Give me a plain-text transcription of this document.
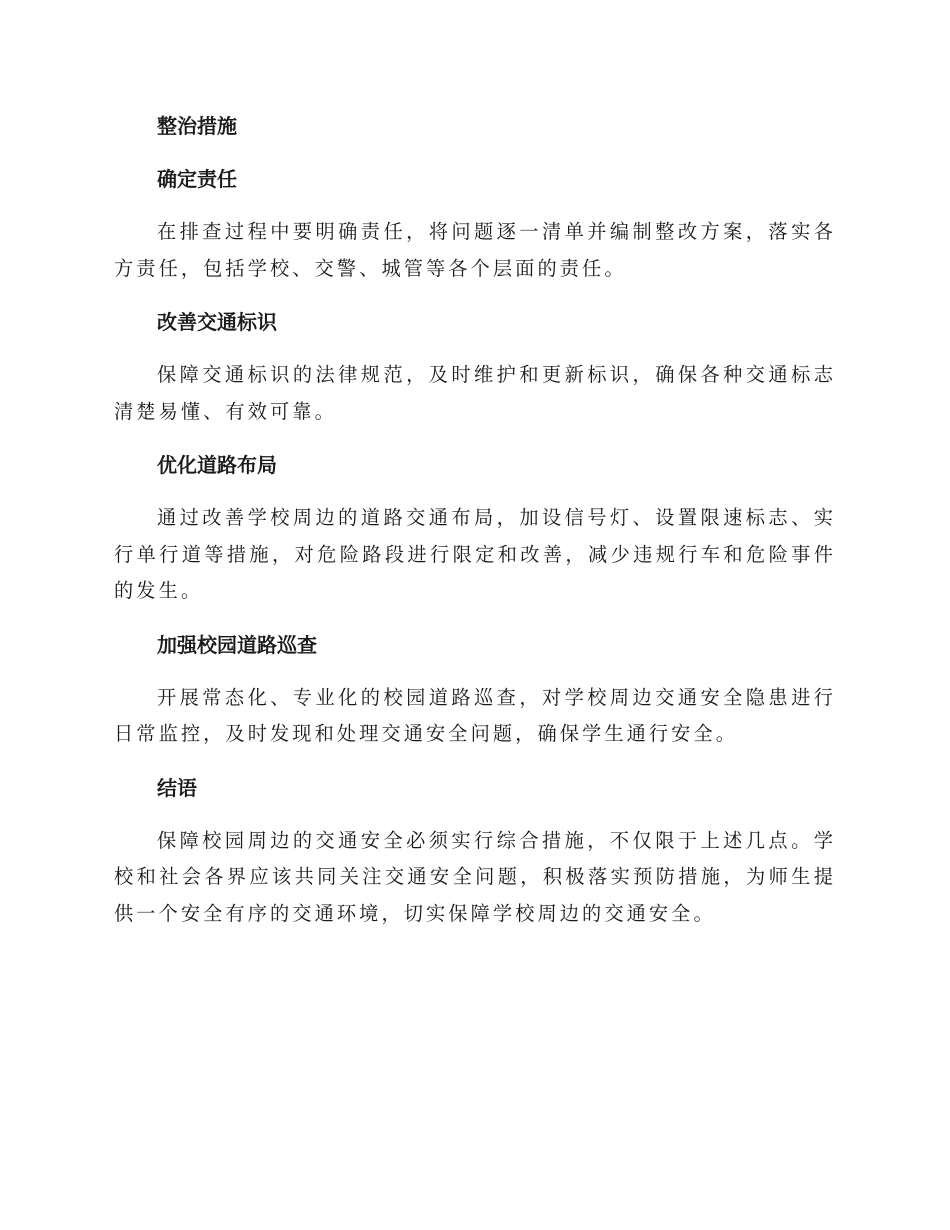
整治措施
确定责任

在排查过程中要明确责任，将问题逐一清单并编制整改方案，落实各方责任，包括学校、交警、城管等各个层面的责任。

改善交通标识

保障交通标识的法律规范，及时维护和更新标识，确保各种交通标志清楚易懂、有效可靠。

优化道路布局

通过改善学校周边的道路交通布局，加设信号灯、设置限速标志、实行单行道等措施，对危险路段进行限定和改善，减少违规行车和危险事件的发生。

加强校园道路巡查

开展常态化、专业化的校园道路巡查，对学校周边交通安全隐患进行日常监控，及时发现和处理交通安全问题，确保学生通行安全。

结语

保障校园周边的交通安全必须实行综合措施，不仅限于上述几点。学校和社会各界应该共同关注交通安全问题，积极落实预防措施，为师生提供一个安全有序的交通环境，切实保障学校周边的交通安全。
